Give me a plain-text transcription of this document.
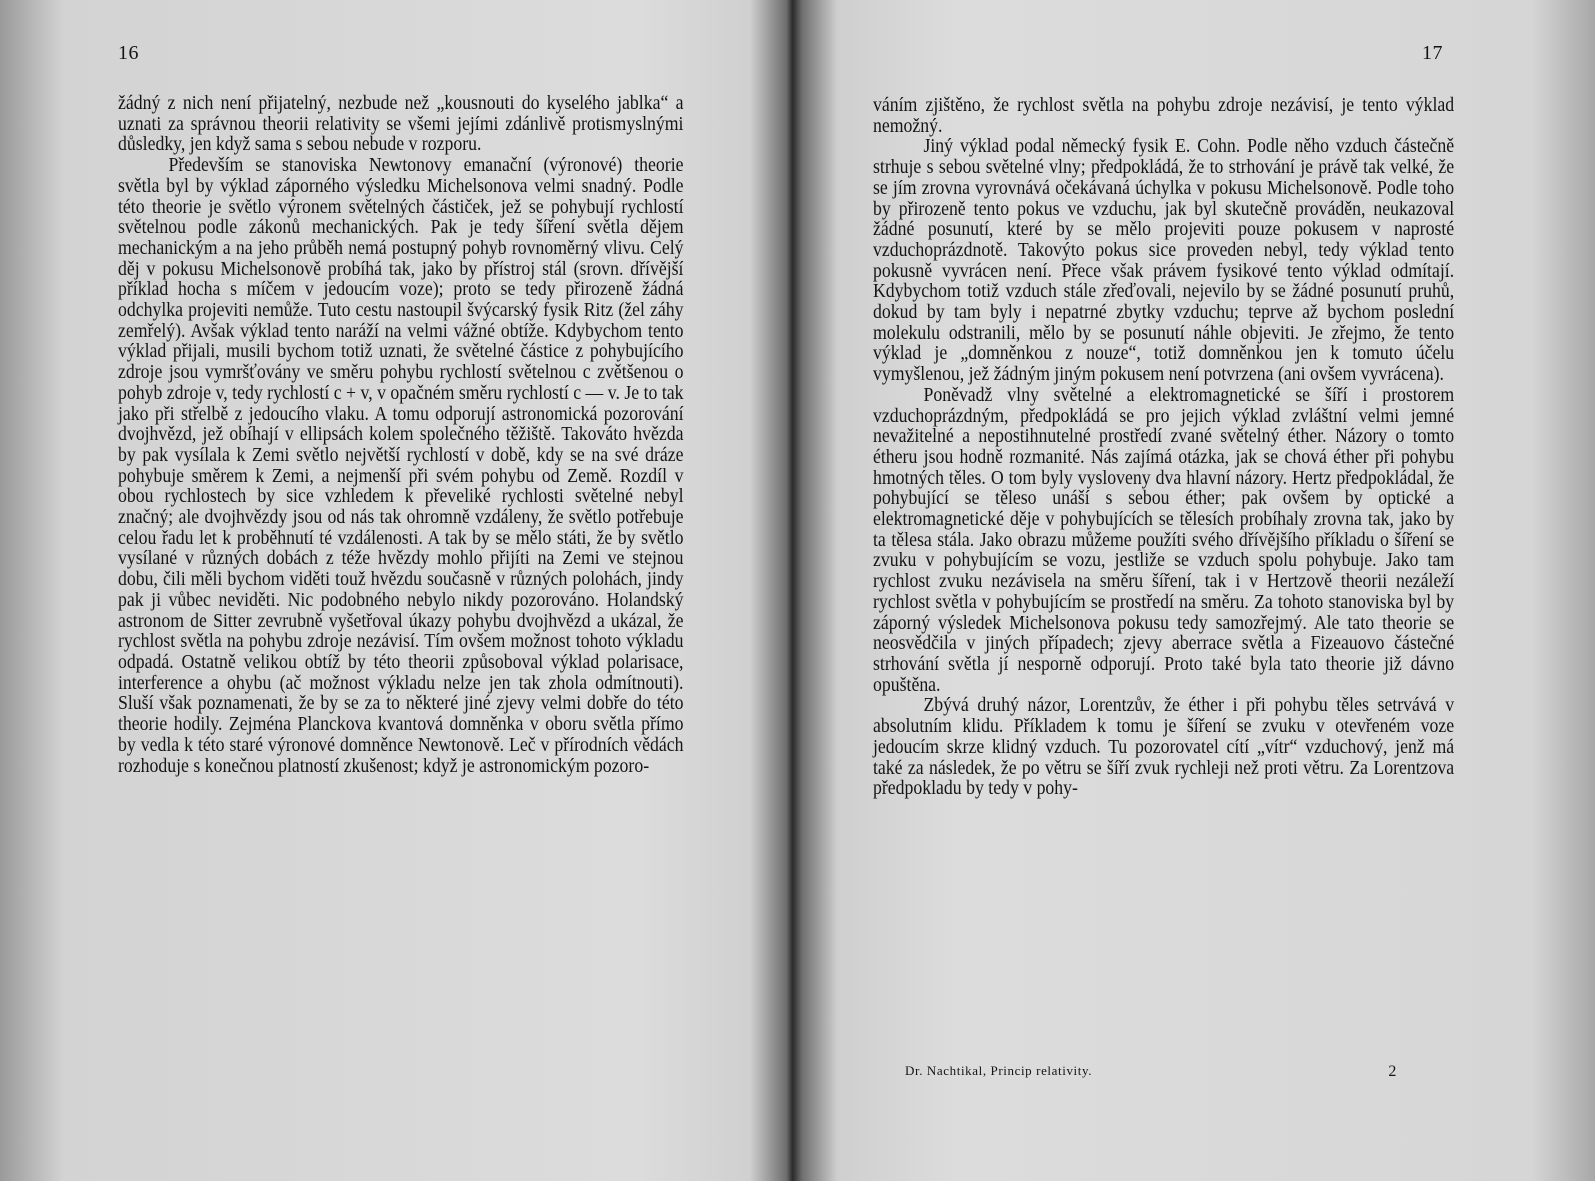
16

žádný z nich není přijatelný, nezbude než „kousnouti do kyselého jablka“ a uznati za správnou theorii relativity se všemi jejími zdánlivě protismyslnými důsledky, jen když sama s sebou nebude v rozporu.

Především se stanoviska Newtonovy emanační (výronové) theorie světla byl by výklad záporného výsledku Michelsonova velmi snadný. Podle této theorie je světlo výronem světelných částiček, jež se pohybují rychlostí světelnou podle zákonů mechanických. Pak je tedy šíření světla dějem mechanickým a na jeho průběh nemá postupný pohyb rovnoměrný vlivu. Celý děj v pokusu Michelsonově probíhá tak, jako by přístroj stál (srovn. dřívější příklad hocha s míčem v jedoucím voze); proto se tedy přirozeně žádná odchylka projeviti nemůže. Tuto cestu nastoupil švýcarský fysik Ritz (žel záhy zemřelý). Avšak výklad tento naráží na velmi vážné obtíže. Kdybychom tento výklad přijali, musili bychom totiž uznati, že světelné částice z pohybujícího zdroje jsou vymršťovány ve směru pohybu rychlostí světelnou c zvětšenou o pohyb zdroje v, tedy rychlostí c + v, v opačném směru rychlostí c — v. Je to tak jako při střelbě z jedoucího vlaku. A tomu odporují astronomická pozorování dvojhvězd, jež obíhají v ellipsách kolem společného těžiště. Takováto hvězda by pak vysílala k Zemi světlo největší rychlostí v době, kdy se na své dráze pohybuje směrem k Zemi, a nejmenší při svém pohybu od Země. Rozdíl v obou rychlostech by sice vzhledem k převeliké rychlosti světelné nebyl značný; ale dvojhvězdy jsou od nás tak ohromně vzdáleny, že světlo potřebuje celou řadu let k proběhnutí té vzdálenosti. A tak by se mělo státi, že by světlo vysílané v různých dobách z téže hvězdy mohlo přijíti na Zemi ve stejnou dobu, čili měli bychom viděti touž hvězdu současně v různých polohách, jindy pak ji vůbec neviděti. Nic podobného nebylo nikdy pozorováno. Holandský astronom de Sitter zevrubně vyšetřoval úkazy pohybu dvojhvězd a ukázal, že rychlost světla na pohybu zdroje nezávisí. Tím ovšem možnost tohoto výkladu odpadá. Ostatně velikou obtíž by této theorii způsoboval výklad polarisace, interference a ohybu (ač možnost výkladu nelze jen tak zhola odmítnouti). Sluší však poznamenati, že by se za to některé jiné zjevy velmi dobře do této theorie hodily. Zejména Planckova kvantová domněnka v oboru světla přímo by vedla k této staré výronové domněnce Newtonově. Leč v přírodních vědách rozhoduje s konečnou platností zkušenost; když je astronomickým pozoro-

17

váním zjištěno, že rychlost světla na pohybu zdroje nezávisí, je tento výklad nemožný.

Jiný výklad podal německý fysik E. Cohn. Podle něho vzduch částečně strhuje s sebou světelné vlny; předpokládá, že to strhování je právě tak velké, že se jím zrovna vyrovnává očekávaná úchylka v pokusu Michelsonově. Podle toho by přirozeně tento pokus ve vzduchu, jak byl skutečně prováděn, neukazoval žádné posunutí, které by se mělo projeviti pouze pokusem v naprosté vzduchoprázdnotě. Takovýto pokus sice proveden nebyl, tedy výklad tento pokusně vyvrácen není. Přece však právem fysikové tento výklad odmítají. Kdybychom totiž vzduch stále zřeďovali, nejevilo by se žádné posunutí pruhů, dokud by tam byly i nepatrné zbytky vzduchu; teprve až bychom poslední molekulu odstranili, mělo by se posunutí náhle objeviti. Je zřejmo, že tento výklad je „domněnkou z nouze“, totiž domněnkou jen k tomuto účelu vymyšlenou, jež žádným jiným pokusem není potvrzena (ani ovšem vyvrácena).

Poněvadž vlny světelné a elektromagnetické se šíří i prostorem vzduchoprázdným, předpokládá se pro jejich výklad zvláštní velmi jemné nevažitelné a nepostihnutelné prostředí zvané světelný éther. Názory o tomto étheru jsou hodně rozmanité. Nás zajímá otázka, jak se chová éther při pohybu hmotných těles. O tom byly vysloveny dva hlavní názory. Hertz předpokládal, že pohybující se těleso unáší s sebou éther; pak ovšem by optické a elektromagnetické děje v pohybujících se tělesích probíhaly zrovna tak, jako by ta tělesa stála. Jako obrazu můžeme použíti svého dřívějšího příkladu o šíření se zvuku v pohybujícím se vozu, jestliže se vzduch spolu pohybuje. Jako tam rychlost zvuku nezávisela na směru šíření, tak i v Hertzově theorii nezáleží rychlost světla v pohybujícím se prostředí na směru. Za tohoto stanoviska byl by záporný výsledek Michelsonova pokusu tedy samozřejmý. Ale tato theorie se neosvědčila v jiných případech; zjevy aberrace světla a Fizeauovo částečné strhování světla jí nesporně odporují. Proto také byla tato theorie již dávno opuštěna.

Zbývá druhý názor, Lorentzův, že éther i při pohybu těles setrvává v absolutním klidu. Příkladem k tomu je šíření se zvuku v otevřeném voze jedoucím skrze klidný vzduch. Tu pozorovatel cítí „vítr“ vzduchový, jenž má také za následek, že po větru se šíří zvuk rychleji než proti větru. Za Lorentzova předpokladu by tedy v pohy-

Dr. Nachtikal, Princip relativity.	2
